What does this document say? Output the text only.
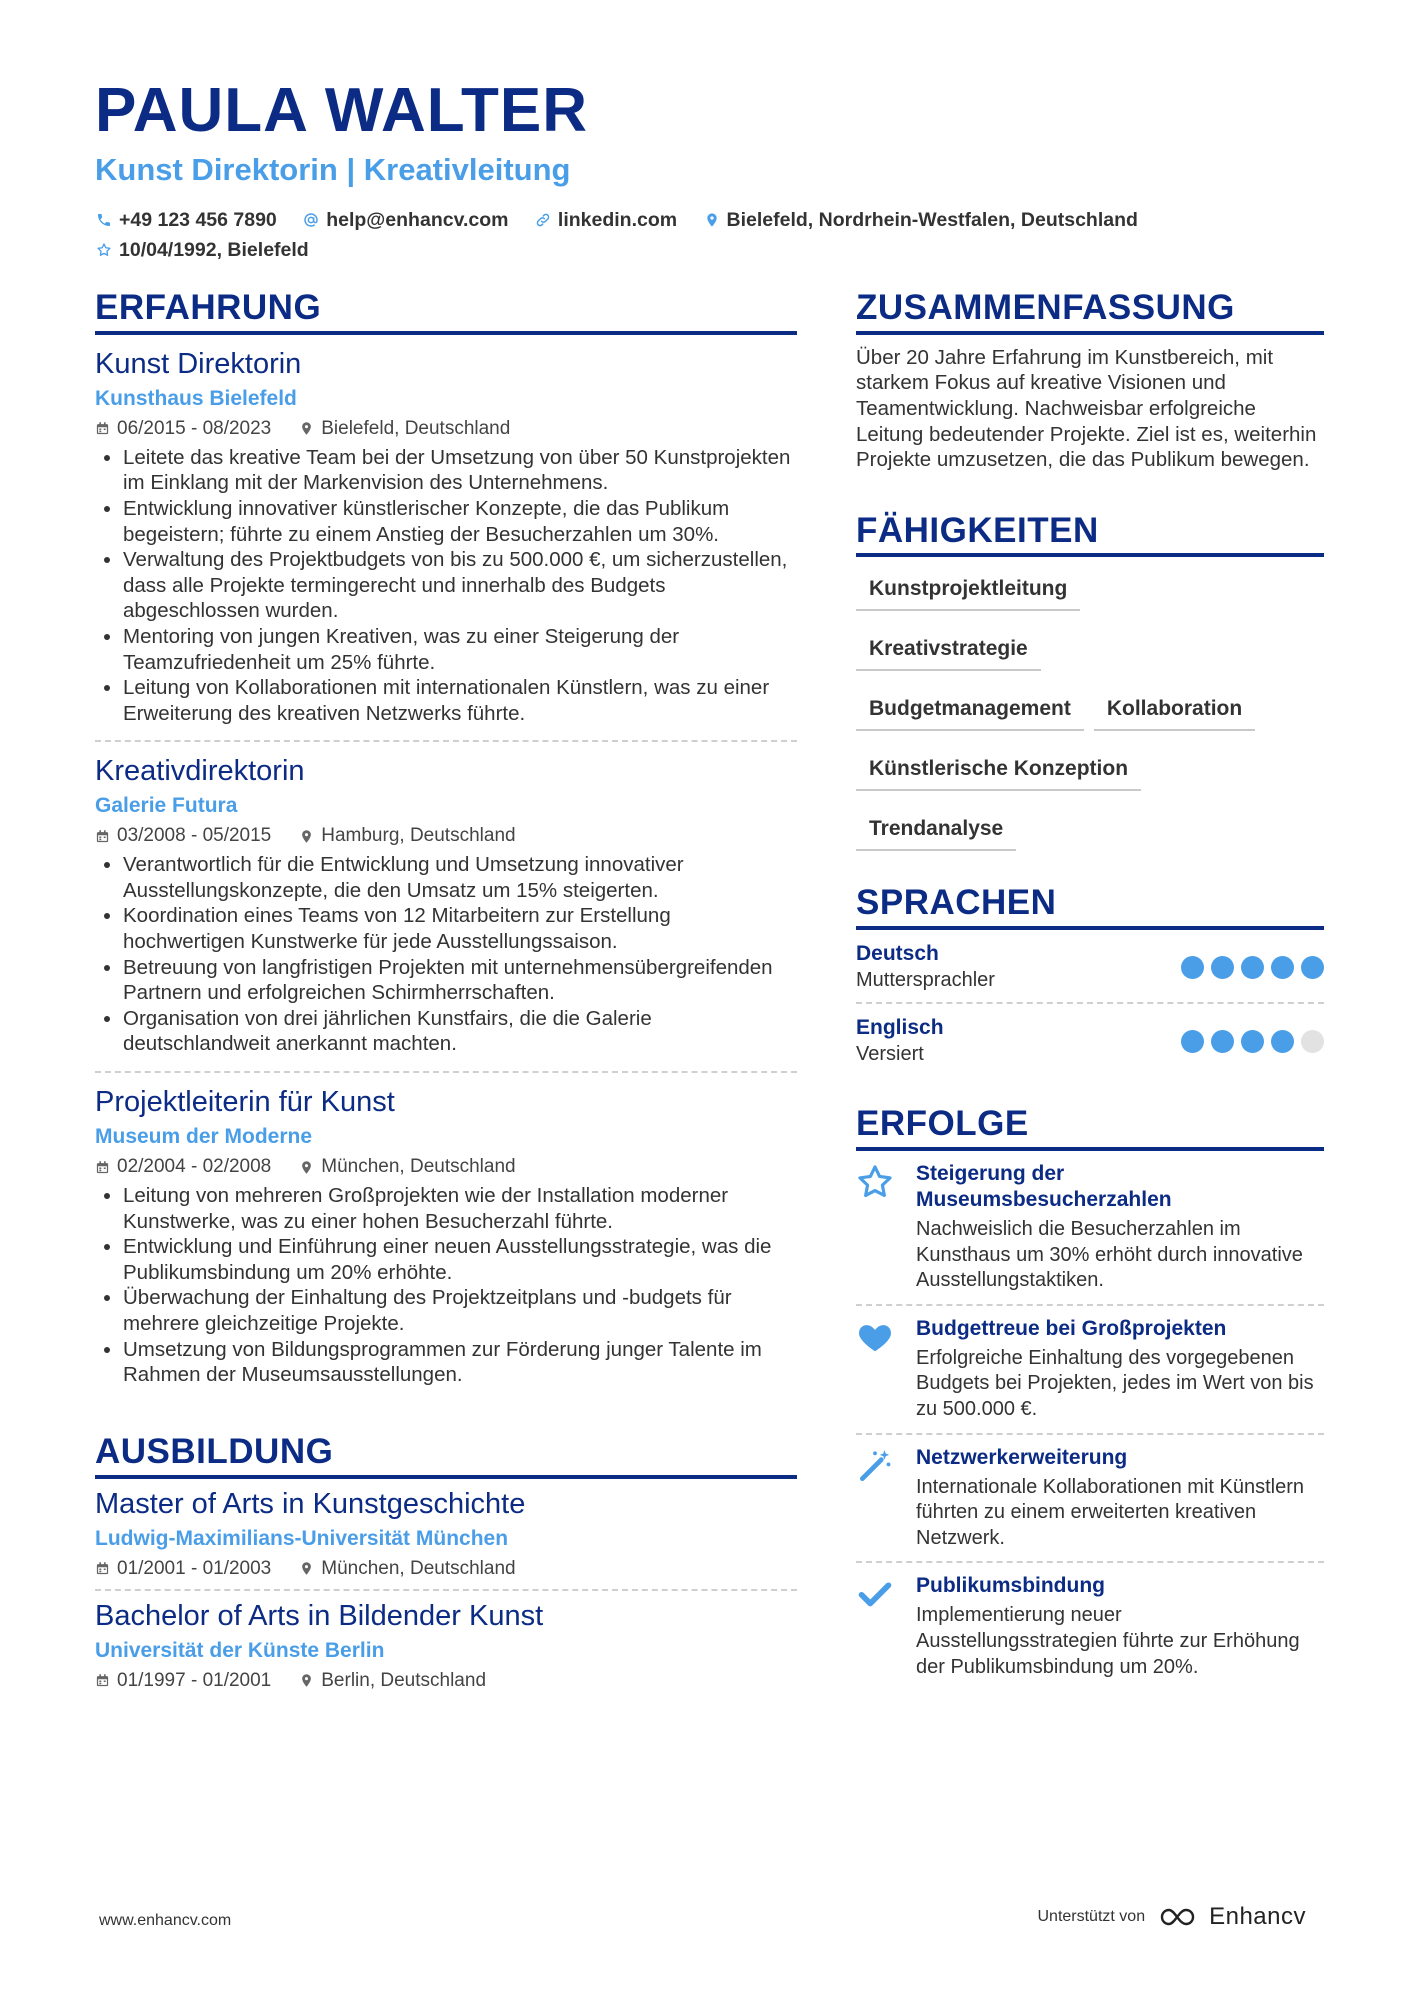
PAULA WALTER
Kunst Direktorin | Kreativleitung
+49 123 456 7890
	help@enhancv.com
	linkedin.com
	Bielefeld, Nordrhein-Westfalen, Deutschland

10/04/1992, Bielefeld
ERFAHRUNG
Kunst Direktorin
Kunsthaus Bielefeld
06/2015 - 08/2023	Bielefeld, Deutschland
• Leitete das kreative Team bei der Umsetzung von über 50 Kunstprojekten im Einklang mit der Markenvision des Unternehmens.
• Entwicklung innovativer künstlerischer Konzepte, die das Publikum begeistern; führte zu einem Anstieg der Besucherzahlen um 30%.
• Verwaltung des Projektbudgets von bis zu 500.000 €, um sicherzustellen, dass alle Projekte termingerecht und innerhalb des Budgets abgeschlossen wurden.
• Mentoring von jungen Kreativen, was zu einer Steigerung der Teamzufriedenheit um 25% führte.
• Leitung von Kollaborationen mit internationalen Künstlern, was zu einer Erweiterung des kreativen Netzwerks führte.
Kreativdirektorin
Galerie Futura
03/2008 - 05/2015	Hamburg, Deutschland
• Verantwortlich für die Entwicklung und Umsetzung innovativer Ausstellungskonzepte, die den Umsatz um 15% steigerten.
• Koordination eines Teams von 12 Mitarbeitern zur Erstellung hochwertigen Kunstwerke für jede Ausstellungssaison.
• Betreuung von langfristigen Projekten mit unternehmensübergreifenden Partnern und erfolgreichen Schirmherrschaften.
• Organisation von drei jährlichen Kunstfairs, die die Galerie deutschlandweit anerkannt machten.
Projektleiterin für Kunst
Museum der Moderne
02/2004 - 02/2008	München, Deutschland
• Leitung von mehreren Großprojekten wie der Installation moderner Kunstwerke, was zu einer hohen Besucherzahl führte.
• Entwicklung und Einführung einer neuen Ausstellungsstrategie, was die Publikumsbindung um 20% erhöhte.
• Überwachung der Einhaltung des Projektzeitplans und -budgets für mehrere gleichzeitige Projekte.
• Umsetzung von Bildungsprogrammen zur Förderung junger Talente im Rahmen der Museumsausstellungen.
AUSBILDUNG
Master of Arts in Kunstgeschichte
Ludwig-Maximilians-Universität München
01/2001 - 01/2003	München, Deutschland
Bachelor of Arts in Bildender Kunst
Universität der Künste Berlin
01/1997 - 01/2001	Berlin, Deutschland
ZUSAMMENFASSUNG
Über 20 Jahre Erfahrung im Kunstbereich, mit starkem Fokus auf kreative Visionen und Teamentwicklung. Nachweisbar erfolgreiche Leitung bedeutender Projekte. Ziel ist es, weiterhin Projekte umzusetzen, die das Publikum bewegen.
FÄHIGKEITEN
Kunstprojektleitung
Kreativstrategie
Budgetmanagement	Kollaboration
Künstlerische Konzeption
Trendanalyse
SPRACHEN
Deutsch
Muttersprachler
Englisch
Versiert
ERFOLGE
Steigerung der Museumsbesucherzahlen
Nachweislich die Besucherzahlen im Kunsthaus um 30% erhöht durch innovative Ausstellungstaktiken.
Budgettreue bei Großprojekten
Erfolgreiche Einhaltung des vorgegebenen Budgets bei Projekten, jedes im Wert von bis zu 500.000 €.
Netzwerkerweiterung
Internationale Kollaborationen mit Künstlern führten zu einem erweiterten kreativen Netzwerk.
Publikumsbindung
Implementierung neuer Ausstellungsstrategien führte zur Erhöhung der Publikumsbindung um 20%.
www.enhancv.com	Unterstützt von	Enhancv
